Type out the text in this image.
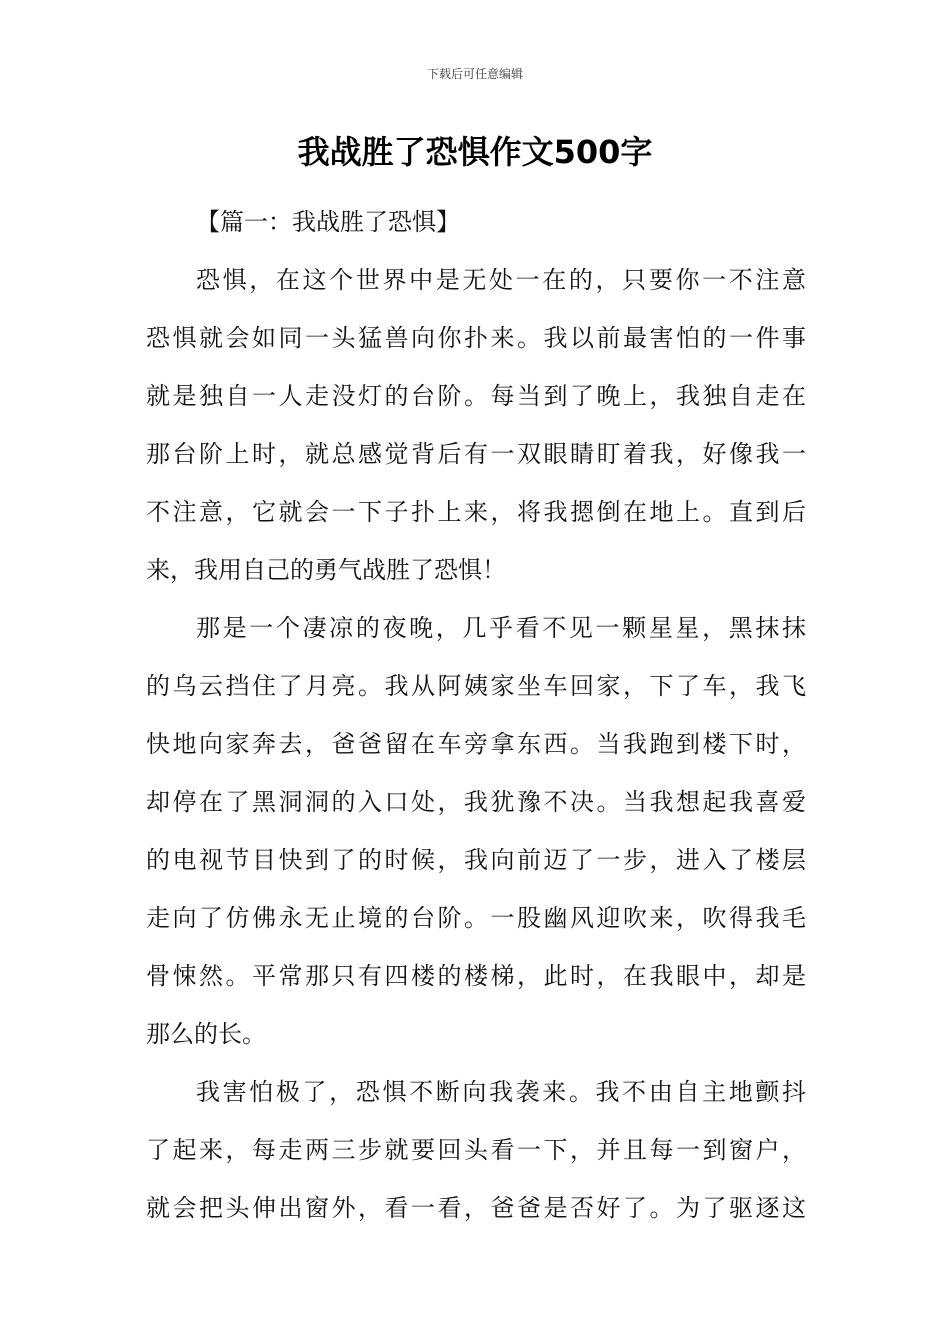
下载后可任意编辑
我战胜了恐惧作文500字

【篇一：我战胜了恐惧】

恐惧，在这个世界中是无处一在的，只要你一不注意
恐惧就会如同一头猛兽向你扑来。我以前最害怕的一件事
就是独自一人走没灯的台阶。每当到了晚上，我独自走在
那台阶上时，就总感觉背后有一双眼睛盯着我，好像我一
不注意，它就会一下子扑上来，将我摁倒在地上。直到后
来，我用自己的勇气战胜了恐惧！

那是一个凄凉的夜晚，几乎看不见一颗星星，黑抹抹
的乌云挡住了月亮。我从阿姨家坐车回家，下了车，我飞
快地向家奔去，爸爸留在车旁拿东西。当我跑到楼下时，
却停在了黑洞洞的入口处，我犹豫不决。当我想起我喜爱
的电视节目快到了的时候，我向前迈了一步，进入了楼层
走向了仿佛永无止境的台阶。一股幽风迎吹来，吹得我毛
骨悚然。平常那只有四楼的楼梯，此时，在我眼中，却是
那么的长。

我害怕极了，恐惧不断向我袭来。我不由自主地颤抖
了起来，每走两三步就要回头看一下，并且每一到窗户，
就会把头伸出窗外，看一看，爸爸是否好了。为了驱逐这
